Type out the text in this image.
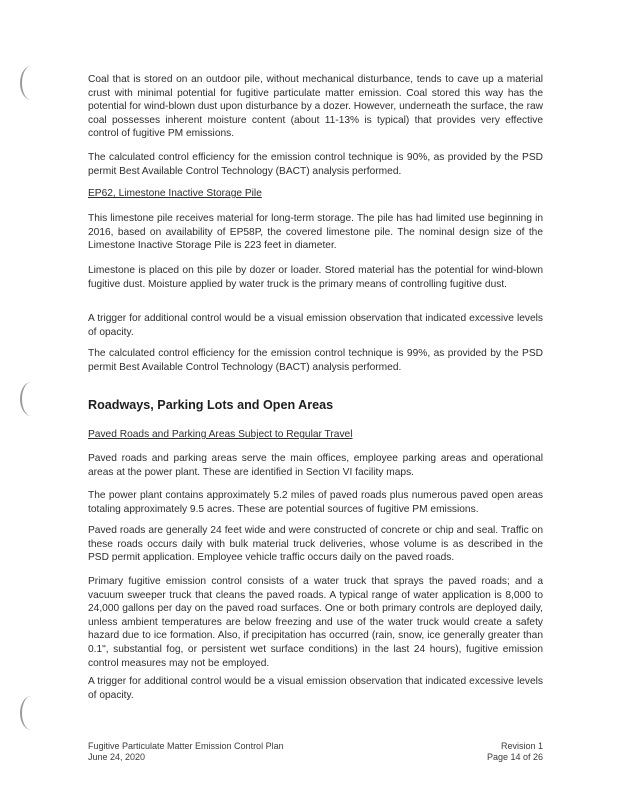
Coal that is stored on an outdoor pile, without mechanical disturbance, tends to cave up a material crust with minimal potential for fugitive particulate matter emission. Coal stored this way has the potential for wind-blown dust upon disturbance by a dozer. However, underneath the surface, the raw coal possesses inherent moisture content (about 11-13% is typical) that provides very effective control of fugitive PM emissions.

The calculated control efficiency for the emission control technique is 90%, as provided by the PSD permit Best Available Control Technology (BACT) analysis performed.

EP62, Limestone Inactive Storage Pile

This limestone pile receives material for long-term storage. The pile has had limited use beginning in 2016, based on availability of EP58P, the covered limestone pile. The nominal design size of the Limestone Inactive Storage Pile is 223 feet in diameter.

Limestone is placed on this pile by dozer or loader. Stored material has the potential for wind-blown fugitive dust. Moisture applied by water truck is the primary means of controlling fugitive dust.

A trigger for additional control would be a visual emission observation that indicated excessive levels of opacity.

The calculated control efficiency for the emission control technique is 99%, as provided by the PSD permit Best Available Control Technology (BACT) analysis performed.

Roadways, Parking Lots and Open Areas

Paved Roads and Parking Areas Subject to Regular Travel

Paved roads and parking areas serve the main offices, employee parking areas and operational areas at the power plant. These are identified in Section VI facility maps.

The power plant contains approximately 5.2 miles of paved roads plus numerous paved open areas totaling approximately 9.5 acres. These are potential sources of fugitive PM emissions.

Paved roads are generally 24 feet wide and were constructed of concrete or chip and seal. Traffic on these roads occurs daily with bulk material truck deliveries, whose volume is as described in the PSD permit application. Employee vehicle traffic occurs daily on the paved roads.

Primary fugitive emission control consists of a water truck that sprays the paved roads; and a vacuum sweeper truck that cleans the paved roads. A typical range of water application is 8,000 to 24,000 gallons per day on the paved road surfaces. One or both primary controls are deployed daily, unless ambient temperatures are below freezing and use of the water truck would create a safety hazard due to ice formation. Also, if precipitation has occurred (rain, snow, ice generally greater than 0.1", substantial fog, or persistent wet surface conditions) in the last 24 hours), fugitive emission control measures may not be employed.

A trigger for additional control would be a visual emission observation that indicated excessive levels of opacity.

Fugitive Particulate Matter Emission Control Plan

June 24, 2020

Revision 1

Page 14 of 26
